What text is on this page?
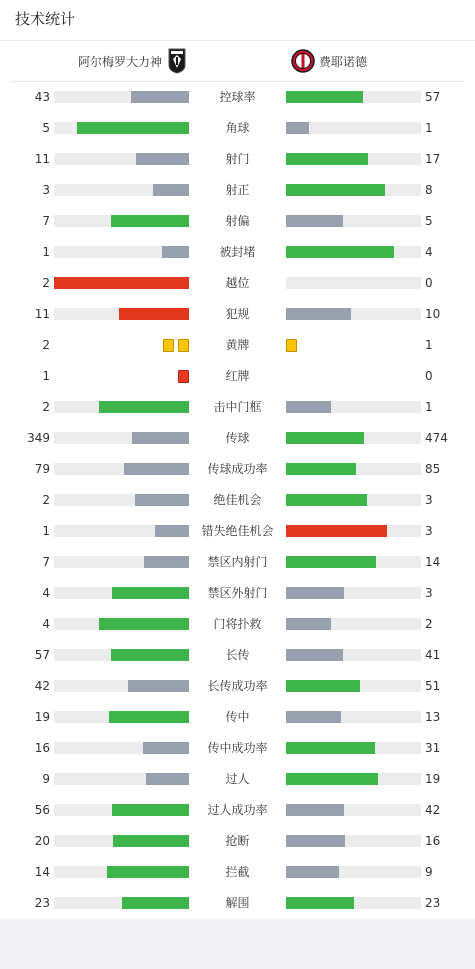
技术统计
阿尔梅罗大力神	费耶诺德
43	控球率	57
5	角球	1
11	射门	17
3	射正	8
7	射偏	5
1	被封堵	4
2	越位	0
11	犯规	10
2	黄牌	1
1	红牌	0
2	击中门框	1
349	传球	474
79	传球成功率	85
2	绝佳机会	3
1	错失绝佳机会	3
7	禁区内射门	14
4	禁区外射门	3
4	门将扑救	2
57	长传	41
42	长传成功率	51
19	传中	13
16	传中成功率	31
9	过人	19
56	过人成功率	42
20	抢断	16
14	拦截	9
23	解围	23
